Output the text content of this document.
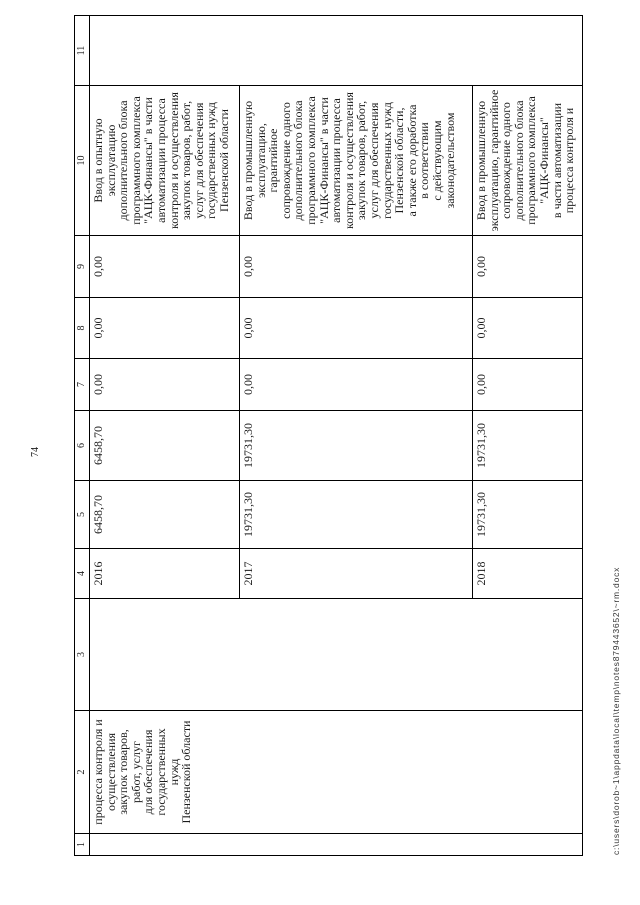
74
1
2
3
4
5
6
7
8
9
10
11
процесса контроля и
осуществления
закупок товаров,
работ, услуг
для обеспечения
государственных
нужд
Пензенской области
2016
6458,70
6458,70
0,00
0,00
0,00
Ввод в опытную
эксплуатацию
дополнительного блока
программного комплекса
"АЦК-Финансы" в части
автоматизации процесса
контроля и осуществления
закупок товаров, работ,
услуг для обеспечения
государственных нужд
Пензенской области
2017
19731,30
19731,30
0,00
0,00
0,00
Ввод в промышленную
эксплуатацию,
гарантийное
сопровождение одного
дополнительного блока
программного комплекса
"АЦК-Финансы" в части
автоматизации процесса
контроля и осуществления
закупок товаров, работ,
услуг для обеспечения
государственных нужд
Пензенской области,
а также его доработка
в соответствии
с действующим
законодательством
2018
19731,30
19731,30
0,00
0,00
0,00
Ввод в промышленную
эксплуатацию, гарантийное
сопровождение одного
дополнительного блока
программного комплекса
"АЦК-Финансы"
в части автоматизации
процесса контроля и
c:\users\dorob~1\appdata\local\temp\notes879443652\~rm.docx
